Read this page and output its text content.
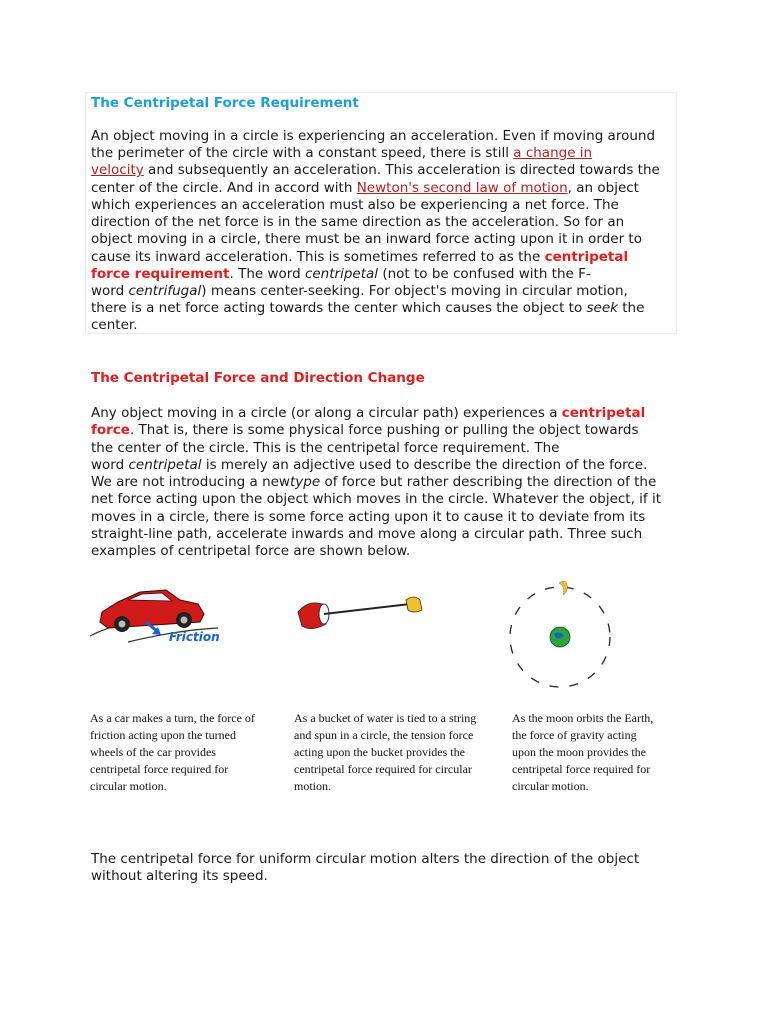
The Centripetal Force Requirement
An object moving in a circle is experiencing an acceleration. Even if moving around
the perimeter of the circle with a constant speed, there is still a change in
velocity and subsequently an acceleration. This acceleration is directed towards the
center of the circle. And in accord with Newton's second law of motion, an object
which experiences an acceleration must also be experiencing a net force. The
direction of the net force is in the same direction as the acceleration. So for an
object moving in a circle, there must be an inward force acting upon it in order to
cause its inward acceleration. This is sometimes referred to as the centripetal
force requirement. The word centripetal (not to be confused with the F-
word centrifugal) means center-seeking. For object's moving in circular motion,
there is a net force acting towards the center which causes the object to seek the
center.
The Centripetal Force and Direction Change
Any object moving in a circle (or along a circular path) experiences a centripetal
force. That is, there is some physical force pushing or pulling the object towards
the center of the circle. This is the centripetal force requirement. The
word centripetal is merely an adjective used to describe the direction of the force.
We are not introducing a newtype of force but rather describing the direction of the
net force acting upon the object which moves in the circle. Whatever the object, if it
moves in a circle, there is some force acting upon it to cause it to deviate from its
straight-line path, accelerate inwards and move along a circular path. Three such
examples of centripetal force are shown below.
Friction
As a car makes a turn, the force of
friction acting upon the turned
wheels of the car provides
centripetal force required for
circular motion.
As a bucket of water is tied to a string
and spun in a circle, the tension force
acting upon the bucket provides the
centripetal force required for circular
motion.
As the moon orbits the Earth,
the force of gravity acting
upon the moon provides the
centripetal force required for
circular motion.
The centripetal force for uniform circular motion alters the direction of the object
without altering its speed.
